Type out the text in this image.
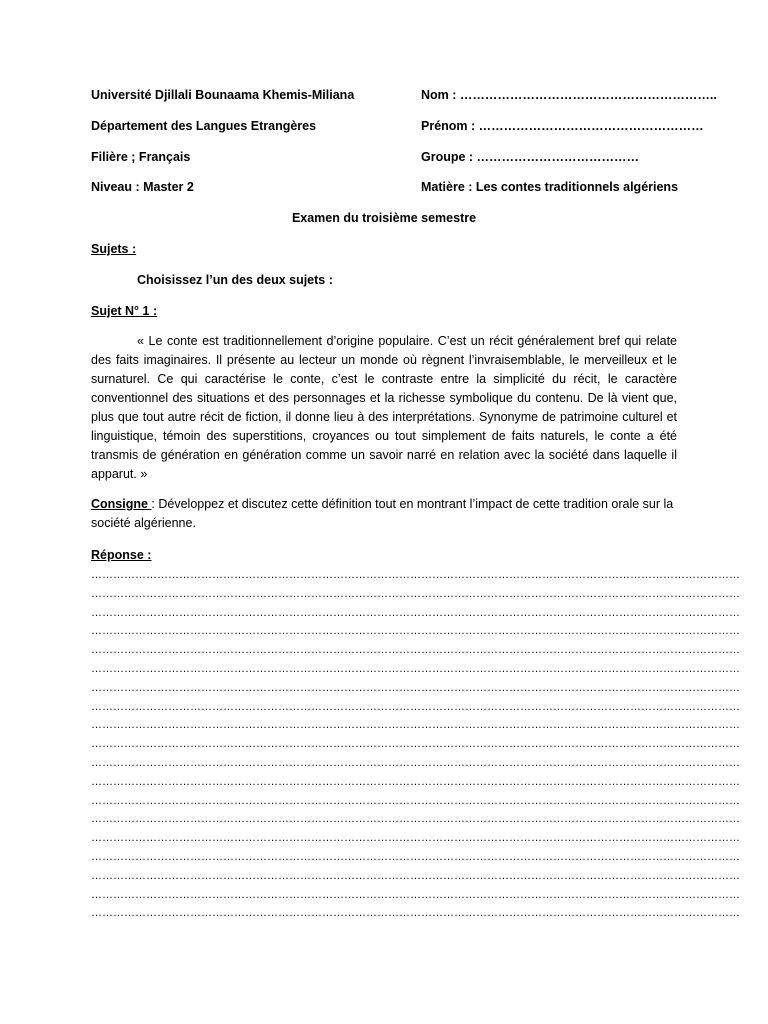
Université Djillali Bounaama Khemis-Miliana	Nom : ……………………………………………………..
Département des Langues Etrangères	Prénom : ………………………………………………
Filière ; Français	Groupe : …………………………………
Niveau : Master 2	Matière : Les contes traditionnels algériens
Examen du troisième semestre
Sujets :
Choisissez l’un des deux sujets :
Sujet N° 1 :
« Le conte est traditionnellement d’origine populaire. C’est un récit généralement bref qui relate des faits imaginaires. Il présente au lecteur un monde où règnent l’invraisemblable, le merveilleux et le surnaturel. Ce qui caractérise le conte, c’est le contraste entre la simplicité du récit, le caractère conventionnel des situations et des personnages et la richesse symbolique du contenu. De là vient que, plus que tout autre récit de fiction, il donne lieu à des interprétations. Synonyme de patrimoine culturel et linguistique, témoin des superstitions, croyances ou tout simplement de faits naturels, le conte a été transmis de génération en génération comme un savoir narré en relation avec la société dans laquelle il apparut. »
Consigne : Développez et discutez cette définition tout en montrant l’impact de cette tradition orale sur la société algérienne.
Réponse :
……………………………………………………………………………………………………………………………………………………………
……………………………………………………………………………………………………………………………………………………………
……………………………………………………………………………………………………………………………………………………………
……………………………………………………………………………………………………………………………………………………………
……………………………………………………………………………………………………………………………………………………………
……………………………………………………………………………………………………………………………………………………………
……………………………………………………………………………………………………………………………………………………………
……………………………………………………………………………………………………………………………………………………………
……………………………………………………………………………………………………………………………………………………………
……………………………………………………………………………………………………………………………………………………………
……………………………………………………………………………………………………………………………………………………………
……………………………………………………………………………………………………………………………………………………………
……………………………………………………………………………………………………………………………………………………………
……………………………………………………………………………………………………………………………………………………………
……………………………………………………………………………………………………………………………………………………………
……………………………………………………………………………………………………………………………………………………………
……………………………………………………………………………………………………………………………………………………………
……………………………………………………………………………………………………………………………………………………………
……………………………………………………………………………………………………………………………………………………………
